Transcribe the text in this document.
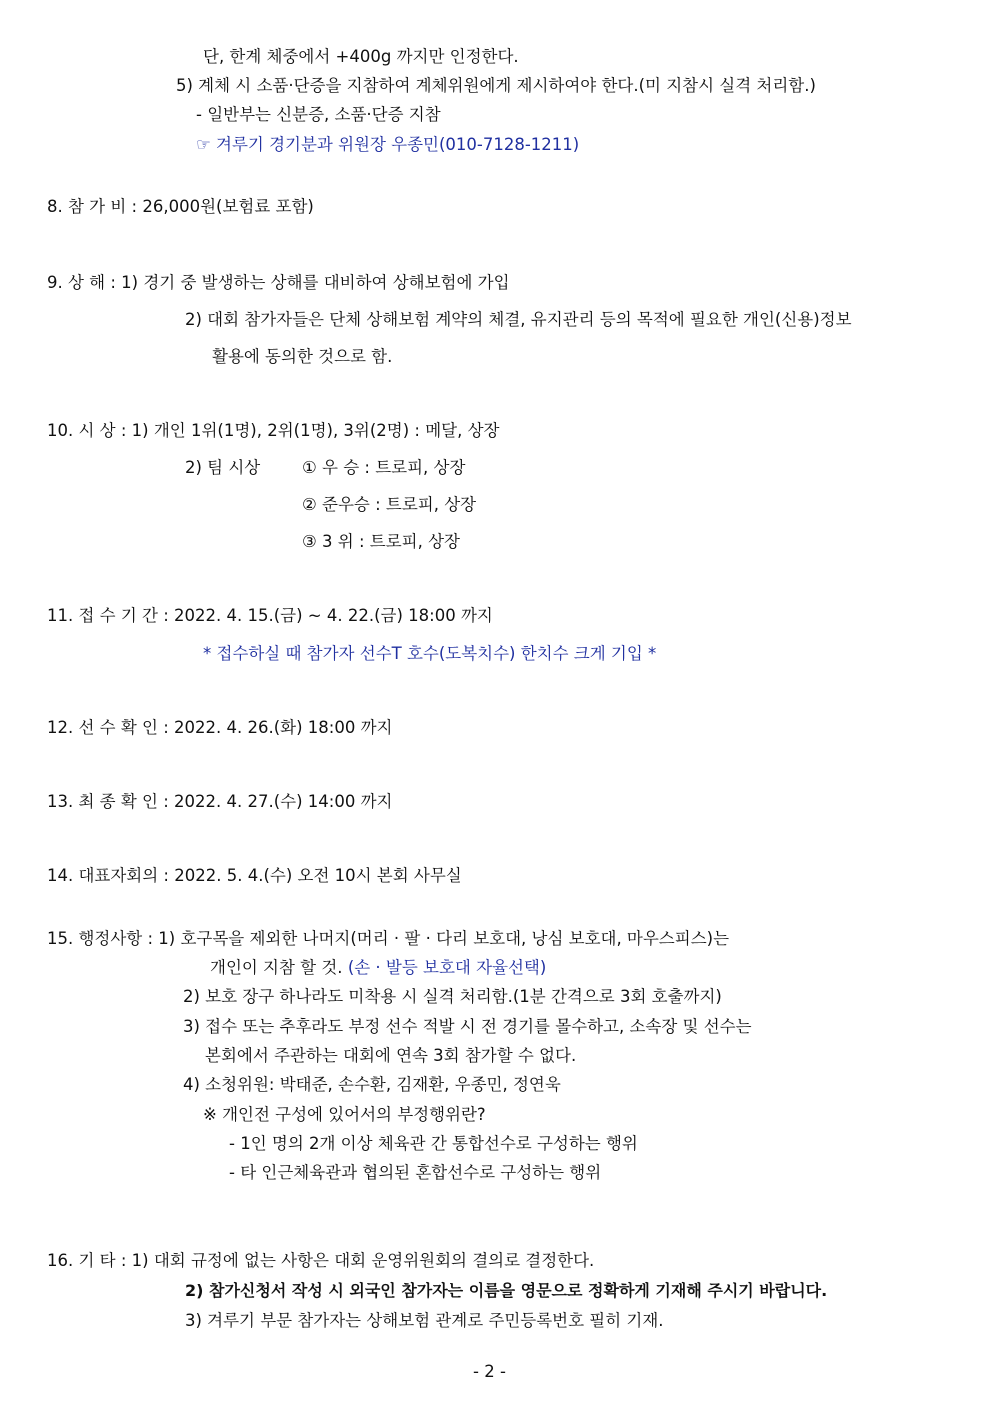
단, 한계 체중에서 +400g 까지만 인정한다.
5) 계체 시 소품·단증을 지참하여 계체위원에게 제시하여야 한다.(미 지참시 실격 처리함.)
- 일반부는 신분증, 소품·단증 지참
☞ 겨루기 경기분과 위원장 우종민(010-7128-1211)
8. 참 가 비 : 26,000원(보험료 포함)
9. 상 해 : 1) 경기 중 발생하는 상해를 대비하여 상해보험에 가입
2) 대회 참가자들은 단체 상해보험 계약의 체결, 유지관리 등의 목적에 필요한 개인(신용)정보
활용에 동의한 것으로 함.
10. 시 상 : 1) 개인 1위(1명), 2위(1명), 3위(2명) : 메달, 상장
2) 팀 시상	① 우 승 : 트로피, 상장
② 준우승 : 트로피, 상장
③ 3 위 : 트로피, 상장
11. 접 수 기 간 : 2022. 4. 15.(금) ~ 4. 22.(금) 18:00 까지
* 접수하실 때 참가자 선수T 호수(도복치수) 한치수 크게 기입 *
12. 선 수 확 인 : 2022. 4. 26.(화) 18:00 까지
13. 최 종 확 인 : 2022. 4. 27.(수) 14:00 까지
14. 대표자회의 : 2022. 5. 4.(수) 오전 10시 본회 사무실
15. 행정사항 : 1) 호구목을 제외한 나머지(머리 · 팔 · 다리 보호대, 낭심 보호대, 마우스피스)는
개인이 지참 할 것. (손 · 발등 보호대 자율선택)
2) 보호 장구 하나라도 미착용 시 실격 처리함.(1분 간격으로 3회 호출까지)
3) 접수 또는 추후라도 부정 선수 적발 시 전 경기를 몰수하고, 소속장 및 선수는
본회에서 주관하는 대회에 연속 3회 참가할 수 없다.
4) 소청위원: 박태준, 손수환, 김재환, 우종민, 정연욱
※ 개인전 구성에 있어서의 부정행위란?
- 1인 명의 2개 이상 체육관 간 통합선수로 구성하는 행위
- 타 인근체육관과 협의된 혼합선수로 구성하는 행위
16. 기 타 : 1) 대회 규정에 없는 사항은 대회 운영위원회의 결의로 결정한다.
2) 참가신청서 작성 시 외국인 참가자는 이름을 영문으로 정확하게 기재해 주시기 바랍니다.
3) 겨루기 부문 참가자는 상해보험 관계로 주민등록번호 필히 기재.
- 2 -
